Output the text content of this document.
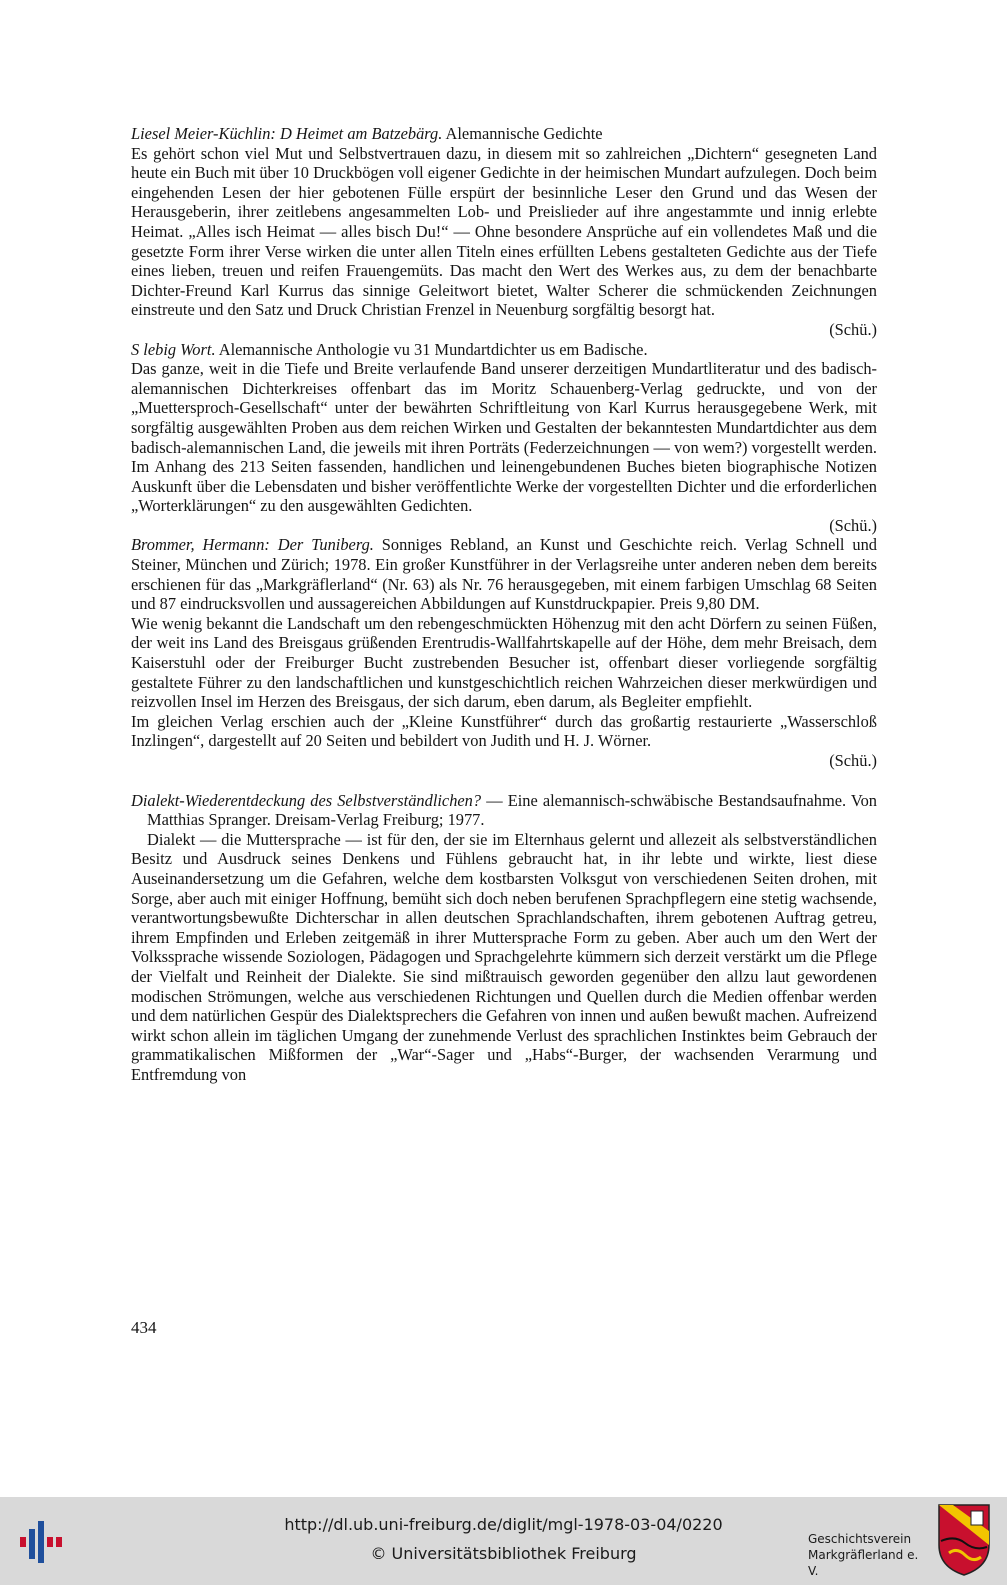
Liesel Meier-Küchlin: D Heimet am Batzebärg. Alemannische Gedichte

Es gehört schon viel Mut und Selbstvertrauen dazu, in diesem mit so zahlreichen „Dichtern“ gesegneten Land heute ein Buch mit über 10 Druckbögen voll eigener Gedichte in der heimischen Mundart aufzulegen. Doch beim eingehenden Lesen der hier gebotenen Fülle erspürt der besinnliche Leser den Grund und das Wesen der Herausgeberin, ihrer zeitlebens angesammelten Lob- und Preislieder auf ihre angestammte und innig erlebte Heimat. „Alles isch Heimat — alles bisch Du!“ — Ohne besondere Ansprüche auf ein vollendetes Maß und die gesetzte Form ihrer Verse wirken die unter allen Titeln eines erfüllten Lebens gestalteten Gedichte aus der Tiefe eines lieben, treuen und reifen Frauengemüts. Das macht den Wert des Werkes aus, zu dem der benachbarte Dichter-Freund Karl Kurrus das sinnige Geleitwort bietet, Walter Scherer die schmückenden Zeichnungen einstreute und den Satz und Druck Christian Frenzel in Neuenburg sorgfältig besorgt hat.

(Schü.)

S lebig Wort. Alemannische Anthologie vu 31 Mundartdichter us em Badische.

Das ganze, weit in die Tiefe und Breite verlaufende Band unserer derzeitigen Mundartliteratur und des badisch-alemannischen Dichterkreises offenbart das im Moritz Schauenberg-Verlag gedruckte, und von der „Muettersproch-Gesellschaft“ unter der bewährten Schriftleitung von Karl Kurrus herausgegebene Werk, mit sorgfältig ausgewählten Proben aus dem reichen Wirken und Gestalten der bekanntesten Mundartdichter aus dem badisch-alemannischen Land, die jeweils mit ihren Porträts (Federzeichnungen — von wem?) vorgestellt werden. Im Anhang des 213 Seiten fassenden, handlichen und leinengebundenen Buches bieten biographische Notizen Auskunft über die Lebensdaten und bisher veröffentlichte Werke der vorgestellten Dichter und die erforderlichen „Worterklärungen“ zu den ausgewählten Gedichten.

(Schü.)

Brommer, Hermann: Der Tuniberg. Sonniges Rebland, an Kunst und Geschichte reich. Verlag Schnell und Steiner, München und Zürich; 1978. Ein großer Kunstführer in der Verlagsreihe unter anderen neben dem bereits erschienen für das „Markgräflerland“ (Nr. 63) als Nr. 76 herausgegeben, mit einem farbigen Umschlag 68 Seiten und 87 eindrucksvollen und aussagereichen Abbildungen auf Kunstdruckpapier. Preis 9,80 DM.

Wie wenig bekannt die Landschaft um den rebengeschmückten Höhenzug mit den acht Dörfern zu seinen Füßen, der weit ins Land des Breisgaus grüßenden Erentrudis-Wallfahrtskapelle auf der Höhe, dem mehr Breisach, dem Kaiserstuhl oder der Freiburger Bucht zustrebenden Besucher ist, offenbart dieser vorliegende sorgfältig gestaltete Führer zu den landschaftlichen und kunstgeschichtlich reichen Wahrzeichen dieser merkwürdigen und reizvollen Insel im Herzen des Breisgaus, der sich darum, eben darum, als Begleiter empfiehlt.

Im gleichen Verlag erschien auch der „Kleine Kunstführer“ durch das großartig restaurierte „Wasserschloß Inzlingen“, dargestellt auf 20 Seiten und bebildert von Judith und H. J. Wörner.

(Schü.)

Dialekt-Wiederentdeckung des Selbstverständlichen? — Eine alemannisch-schwäbische Bestandsaufnahme. Von Matthias Spranger. Dreisam-Verlag Freiburg; 1977.

Dialekt — die Muttersprache — ist für den, der sie im Elternhaus gelernt und allezeit als selbstverständlichen Besitz und Ausdruck seines Denkens und Fühlens gebraucht hat, in ihr lebte und wirkte, liest diese Auseinandersetzung um die Gefahren, welche dem kostbarsten Volksgut von verschiedenen Seiten drohen, mit Sorge, aber auch mit einiger Hoffnung, bemüht sich doch neben berufenen Sprachpflegern eine stetig wachsende, verantwortungsbewußte Dichterschar in allen deutschen Sprachlandschaften, ihrem gebotenen Auftrag getreu, ihrem Empfinden und Erleben zeitgemäß in ihrer Muttersprache Form zu geben. Aber auch um den Wert der Volkssprache wissende Soziologen, Pädagogen und Sprachgelehrte kümmern sich derzeit verstärkt um die Pflege der Vielfalt und Reinheit der Dialekte. Sie sind mißtrauisch geworden gegenüber den allzu laut gewordenen modischen Strömungen, welche aus verschiedenen Richtungen und Quellen durch die Medien offenbar werden und dem natürlichen Gespür des Dialektsprechers die Gefahren von innen und außen bewußt machen. Aufreizend wirkt schon allein im täglichen Umgang der zunehmende Verlust des sprachlichen Instinktes beim Gebrauch der grammatikalischen Mißformen der „War“-Sager und „Habs“-Burger, der wachsenden Verarmung und Entfremdung von

434
http://dl.ub.uni-freiburg.de/diglit/mgl-1978-03-04/0220
© Universitätsbibliothek Freiburg
Geschichtsverein
Markgräflerland e. V.
